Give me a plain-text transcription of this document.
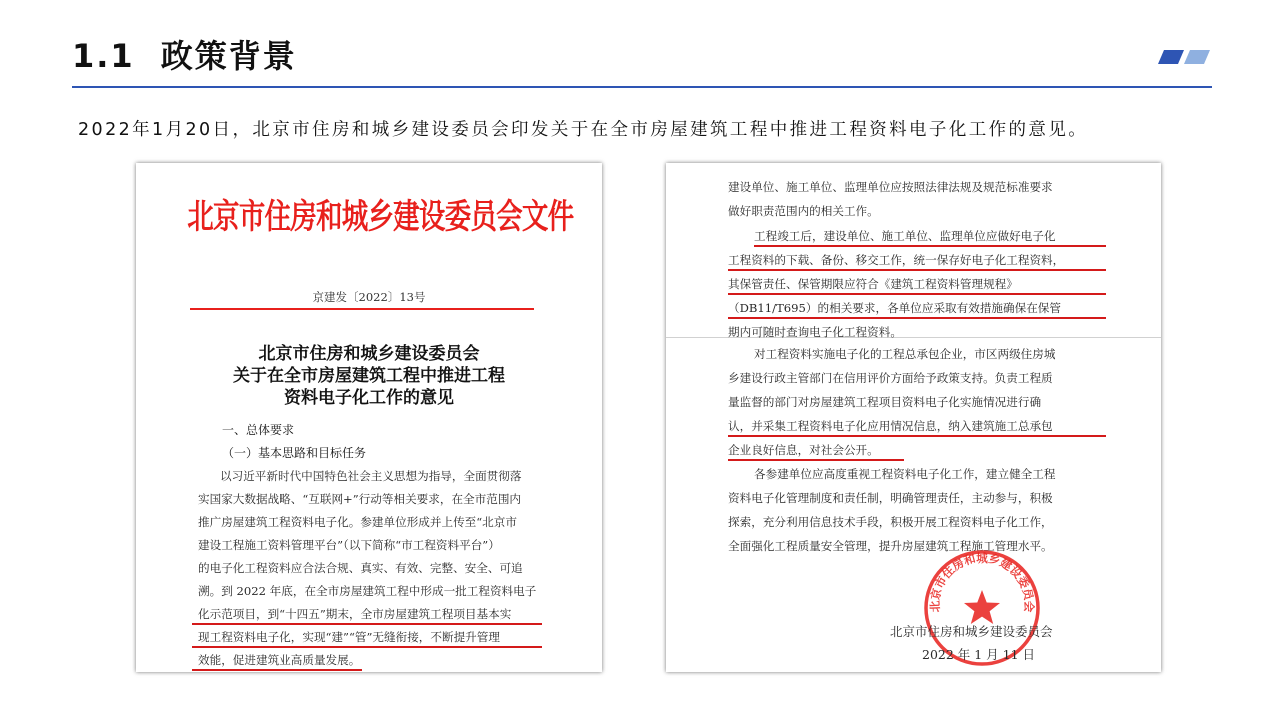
1.1 政策背景
2022年1月20日，北京市住房和城乡建设委员会印发关于在全市房屋建筑工程中推进工程资料电子化工作的意见。
北京市住房和城乡建设委员会文件
京建发〔2022〕13号
北京市住房和城乡建设委员会
关于在全市房屋建筑工程中推进工程
资料电子化工作的意见
一、总体要求
（一）基本思路和目标任务
以习近平新时代中国特色社会主义思想为指导，全面贯彻落
实国家大数据战略、“互联网+”行动等相关要求，在全市范围内
推广房屋建筑工程资料电子化。参建单位形成并上传至“北京市
建设工程施工资料管理平台”（以下简称“市工程资料平台”）
的电子化工程资料应合法合规、真实、有效、完整、安全、可追
溯。到 2022 年底，在全市房屋建筑工程中形成一批工程资料电子
化示范项目，到“十四五”期末，全市房屋建筑工程项目基本实
现工程资料电子化，实现“建”“管”无缝衔接，不断提升管理
效能，促进建筑业高质量发展。
建设单位、施工单位、监理单位应按照法律法规及规范标准要求
做好职责范围内的相关工作。
工程竣工后，建设单位、施工单位、监理单位应做好电子化
工程资料的下载、备份、移交工作，统一保存好电子化工程资料，
其保管责任、保管期限应符合《建筑工程资料管理规程》
（DB11/T695）的相关要求，各单位应采取有效措施确保在保管
期内可随时查询电子化工程资料。
对工程资料实施电子化的工程总承包企业，市区两级住房城
乡建设行政主管部门在信用评价方面给予政策支持。负责工程质
量监督的部门对房屋建筑工程项目资料电子化实施情况进行确
认，并采集工程资料电子化应用情况信息，纳入建筑施工总承包
企业良好信息，对社会公开。
各参建单位应高度重视工程资料电子化工作，建立健全工程
资料电子化管理制度和责任制，明确管理责任，主动参与，积极
探索，充分利用信息技术手段，积极开展工程资料电子化工作，
全面强化工程质量安全管理，提升房屋建筑工程施工管理水平。
北京市住房和城乡建设委员会
北京市住房和城乡建设委员会
2022 年 1 月 11 日
